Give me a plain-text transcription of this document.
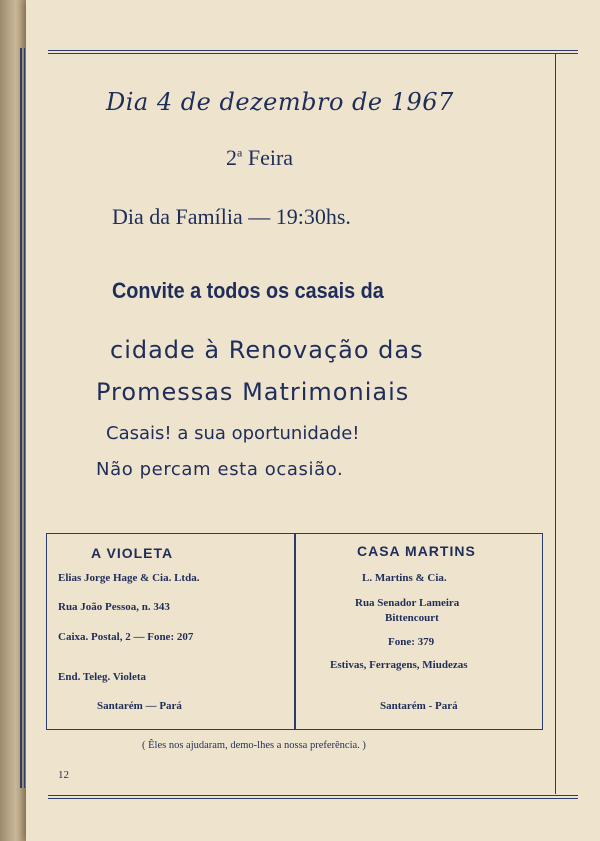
Dia 4 de dezembro de 1967
2$^a$ Feira
Dia da Família — 19:30hs.
Convite a todos os casais da
cidade à Renovação das
Promessas Matrimoniais
Casais! a sua oportunidade!
Não percam esta ocasião.
A VIOLETA
Elias Jorge Hage & Cia. Ltda.
Rua João Pessoa, n. 343
Caixa. Postal, 2 — Fone: 207
End. Teleg. Violeta
Santarém — Pará
CASA MARTINS
L. Martins & Cia.
Rua Senador Lameira
Bittencourt
Fone: 379
Estivas, Ferragens, Miudezas
Santarém - Pará
( Êles nos ajudaram, demo-lhes a nossa preferência. )
12
